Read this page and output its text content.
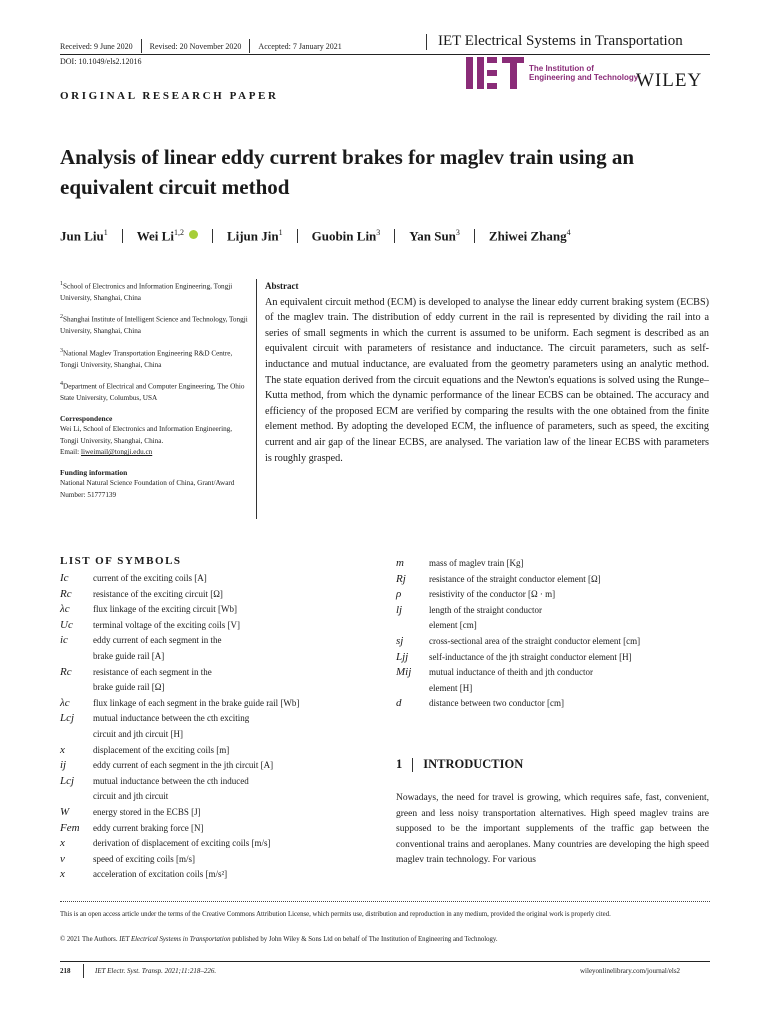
Received: 9 June 2020 Revised: 20 November 2020 Accepted: 7 January 2021	IET Electrical Systems in Transportation
DOI: 10.1049/els2.12016
The Institution of
Engineering and Technology
WILEY
ORIGINAL RESEARCH PAPER
Analysis of linear eddy current brakes for maglev train using an equivalent circuit method
Jun Liu$^1$ Wei Li$^{1,2}$	Lijun Jin$^1$ Guobin Lin$^3$ Yan Sun$^3$ Zhiwei Zhang$^4$

$^1$School of Electronics and Information Engineering, Tongji University, Shanghai, China

$^2$Shanghai Institute of Intelligent Science and Technology, Tongji University, Shanghai, China

$^3$National Maglev Transportation Engineering R&D Centre, Tongji University, Shanghai, China

$^4$Department of Electrical and Computer Engineering, The Ohio State University, Columbus, USA

Correspondence

Wei Li, School of Electronics and Information Engineering, Tongji University, Shanghai, China.
Email: liweimail@tongji.edu.cn

Funding information

National Natural Science Foundation of China, Grant/Award Number: 51777139

Abstract
An equivalent circuit method (ECM) is developed to analyse the linear eddy current braking system (ECBS) of the maglev train. The distribution of eddy current in the rail is represented by dividing the rail into a series of small segments in which the current is assumed to be uniform. Each segment is described as an equivalent circuit with parameters of resistance and inductance. The circuit parameters, such as self-inductance and mutual inductance, are evaluated from the geometry parameters using an analytic method. The state equation derived from the circuit equations and the Newton's equations is solved using the Runge–Kutta method, from which the dynamic performance of the linear ECBS can be obtained. The accuracy and efficiency of the proposed ECM are verified by comparing the results with the one obtained from the finite element method. By adopting the developed ECM, the influence of parameters, such as speed, the exciting current and air gap of the linear ECBS, are analysed. The variation law of the linear ECBS with parameters is roughly grasped.
LIST OF SYMBOLS
Ic	current of the exciting coils [A]
Rc resistance of the exciting circuit [Ω]
λc	flux linkage of the exciting circuit [Wb]
Uc terminal voltage of the exciting coils [V]
ic	eddy current of each segment in the
brake guide rail [A]
Rc resistance of each segment in the
brake guide rail [Ω]
λc	flux linkage of each segment in the brake guide rail [Wb]
Lcj mutual inductance between the cth exciting
circuit and jth circuit [H]
x	displacement of the exciting coils [m]
ij	eddy current of each segment in the jth circuit [A]
Lcj mutual inductance between the cth induced
circuit and jth circuit
W	energy stored in the ECBS [J]
Fem eddy current braking force [N]
x	derivation of displacement of exciting coils [m/s]
v	speed of exciting coils [m/s]
x	acceleration of excitation coils [m/s²]
m	mass of maglev train [Kg]
Rj	resistance of the straight conductor element [Ω]
ρ	resistivity of the conductor [Ω · m]
lj	length of the straight conductor
element [cm]
sj	cross-sectional area of the straight conductor element [cm]
Ljj self-inductance of the jth straight conductor element [H]
Mij mutual inductance of theith and jth conductor
element [H]
d	distance between two conductor [cm]
1 INTRODUCTION
Nowadays, the need for travel is growing, which requires safe, fast, convenient, green and less noisy transportation alternatives. High speed maglev trains are supposed to be the important supplements of the traffic gap between the conventional trains and aeroplanes. Many countries are developing the high speed maglev train technology. For various
This is an open access article under the terms of the Creative Commons Attribution License, which permits use, distribution and reproduction in any medium, provided the original work is properly cited.
© 2021 The Authors. IET Electrical Systems in Transportation published by John Wiley & Sons Ltd on behalf of The Institution of Engineering and Technology.
218	IET Electr. Syst. Transp. 2021;11:218–226.	wileyonlinelibrary.com/journal/els2
